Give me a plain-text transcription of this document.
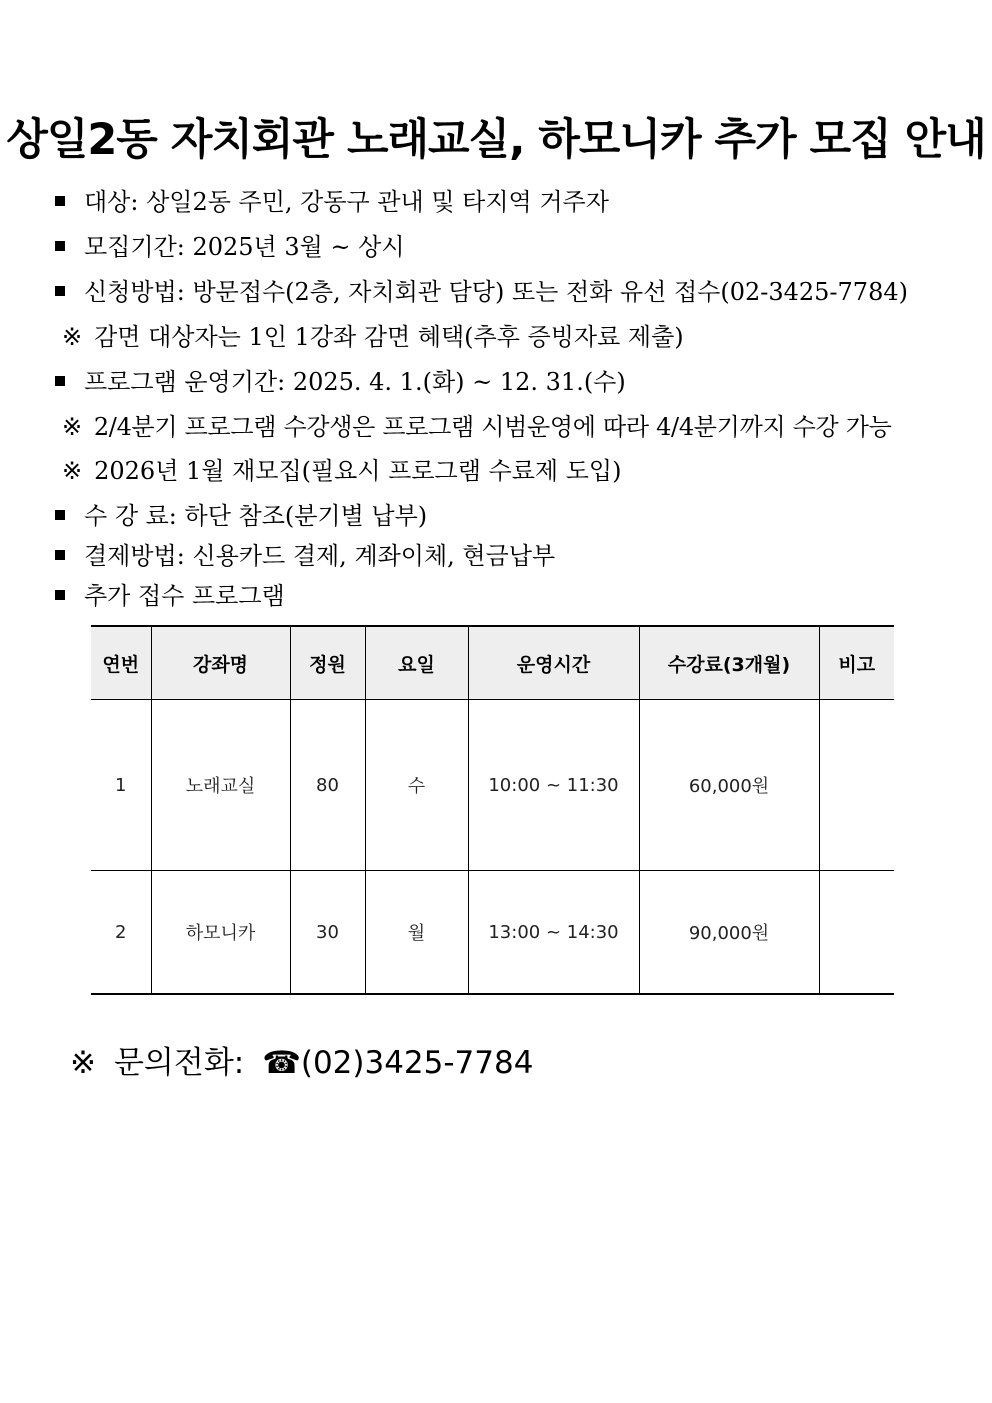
상일2동 자치회관 노래교실, 하모니카 추가 모집 안내
대상: 상일2동 주민, 강동구 관내 및 타지역 거주자
모집기간: 2025년 3월 ~ 상시
신청방법: 방문접수(2층, 자치회관 담당) 또는 전화 유선 접수(02-3425-7784)
※ 감면 대상자는 1인 1강좌 감면 혜택(추후 증빙자료 제출)
프로그램 운영기간: 2025. 4. 1.(화) ~ 12. 31.(수)
※ 2/4분기 프로그램 수강생은 프로그램 시범운영에 따라 4/4분기까지 수강 가능
※ 2026년 1월 재모집(필요시 프로그램 수료제 도입)
수 강 료: 하단 참조(분기별 납부)
결제방법: 신용카드 결제, 계좌이체, 현금납부
추가 접수 프로그램
연번	강좌명	정원	요일	운영시간	수강료(3개월)	비고
1	노래교실	80	수	10:00 ~ 11:30	60,000원	
2	하모니카	30	월	13:00 ~ 14:30	90,000원	
※ 문의전화: ☎(02)3425-7784
